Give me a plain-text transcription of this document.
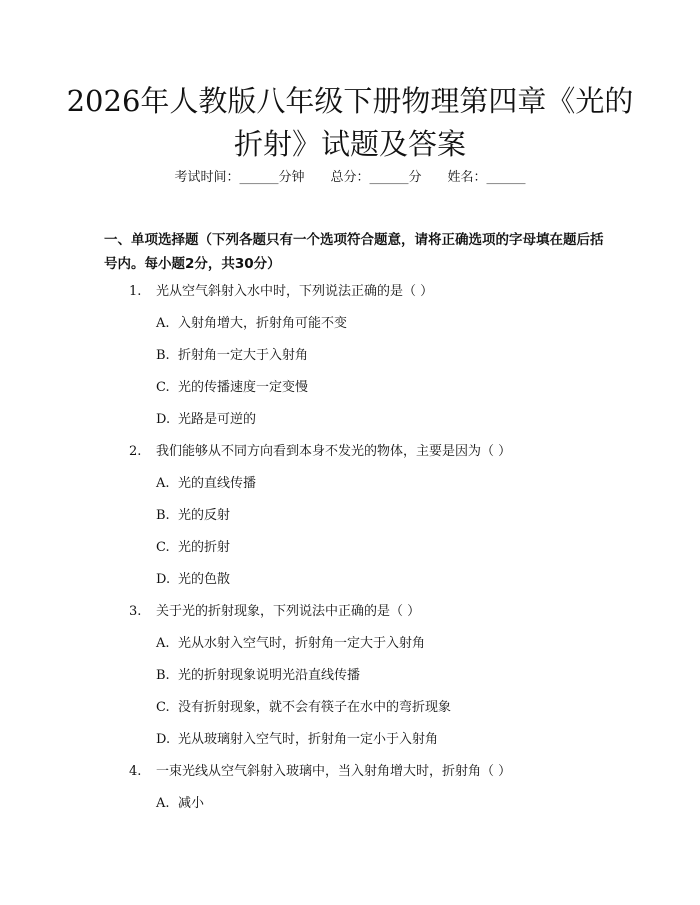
2026年人教版八年级下册物理第四章《光的折射》试题及答案
考试时间：______分钟 总分：______分 姓名：______

一、单项选择题（下列各题只有一个选项符合题意，请将正确选项的字母填在题后括号内。每小题2分，共30分）

1. 光从空气斜射入水中时，下列说法正确的是（ ）
A. 入射角增大，折射角可能不变
B. 折射角一定大于入射角
C. 光的传播速度一定变慢
D. 光路是可逆的
2. 我们能够从不同方向看到本身不发光的物体，主要是因为（ ）
A. 光的直线传播
B. 光的反射
C. 光的折射
D. 光的色散
3. 关于光的折射现象，下列说法中正确的是（ ）
A. 光从水射入空气时，折射角一定大于入射角
B. 光的折射现象说明光沿直线传播
C. 没有折射现象，就不会有筷子在水中的弯折现象
D. 光从玻璃射入空气时，折射角一定小于入射角
4. 一束光线从空气斜射入玻璃中，当入射角增大时，折射角（ ）
A. 减小
